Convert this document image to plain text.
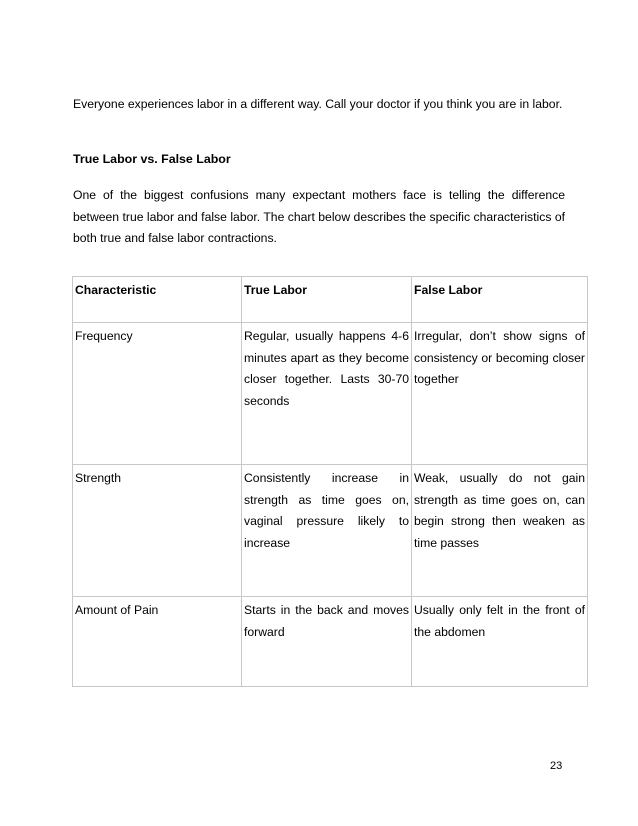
Everyone experiences labor in a different way. Call your doctor if you think you are in labor.

True Labor vs. False Labor

One of the biggest confusions many expectant mothers face is telling the difference between true labor and false labor. The chart below describes the specific characteristics of both true and false labor contractions.

Characteristic	True Labor	False Labor
Frequency	Regular, usually happens 4-6 minutes apart as they become closer together. Lasts 30-70 seconds	Irregular, don’t show signs of consistency or becoming closer together
Strength	Consistently increase in strength as time goes on, vaginal pressure likely to increase	Weak, usually do not gain strength as time goes on, can begin strong then weaken as time passes
Amount of Pain	Starts in the back and moves forward	Usually only felt in the front of the abdomen
23
